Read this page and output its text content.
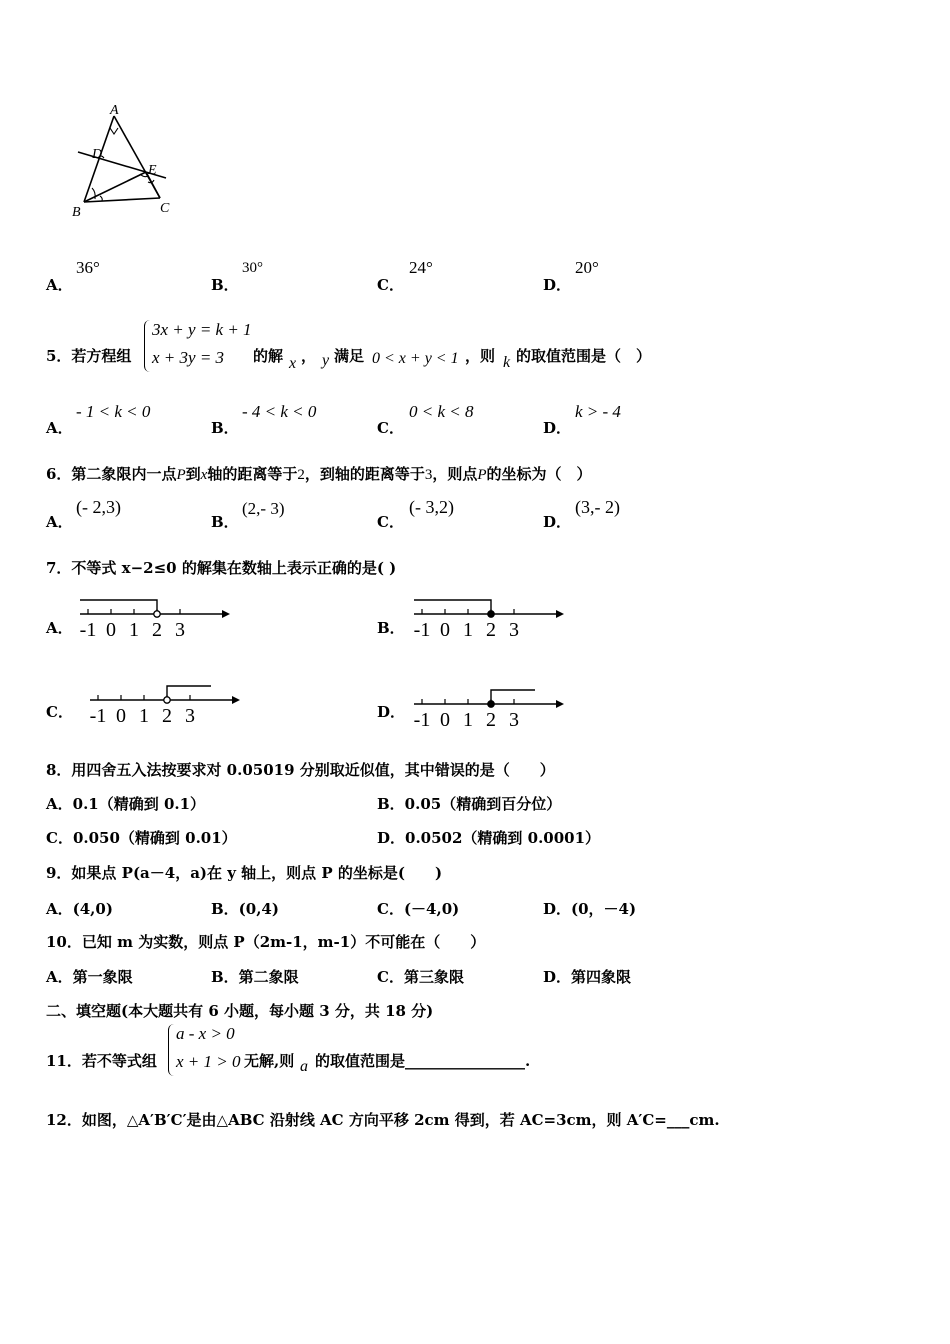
A
D
E
B	C
A．
36°
B．
30°
C．
24°
D．
20°
5．若方程组
3x + y = k + 1
x + 3y = 3 的解 x ， y 满足 0 < x + y < 1 ，则 k 的取值范围是（　）
A．
- 1 < k < 0
B．
- 4 < k < 0
C．
0 < k < 8
D．
k > - 4
6．第二象限内一点P到x轴的距离等于2，到轴的距离等于3，则点P的坐标为（　）
A．
(- 2,3)
B．
(2,- 3)
C．
(- 3,2)
D．
(3,- 2)
7．不等式 x−2≤0 的解集在数轴上表示正确的是( )
A． -1 0 1 2 3	B． -1 0 1 2 3
C． -1 0 1 2 3	D． -1 0 1 2 3
8．用四舍五入法按要求对 0.05019 分别取近似值，其中错误的是（　　）
A．0.1（精确到 0.1）	B．0.05（精确到百分位）
C．0.050（精确到 0.01）	D．0.0502（精确到 0.0001）
9．如果点 P(a－4，a)在 y 轴上，则点 P 的坐标是(　　)
A．(4,0)	B．(0,4)	C．(－4,0)	D．(0，－4)
10．已知 m 为实数，则点 P（2m-1，m-1）不可能在（　　）
A．第一象限	B．第二象限	C．第三象限	D．第四象限
二、填空题(本大题共有 6 小题，每小题 3 分，共 18 分)
11．若不等式组
a - x > 0
x + 1 > 0 无解,则 a 的取值范围是________________.
12．如图，△A′B′C′是由△ABC 沿射线 AC 方向平移 2cm 得到，若 AC=3cm，则 A′C=___cm.
